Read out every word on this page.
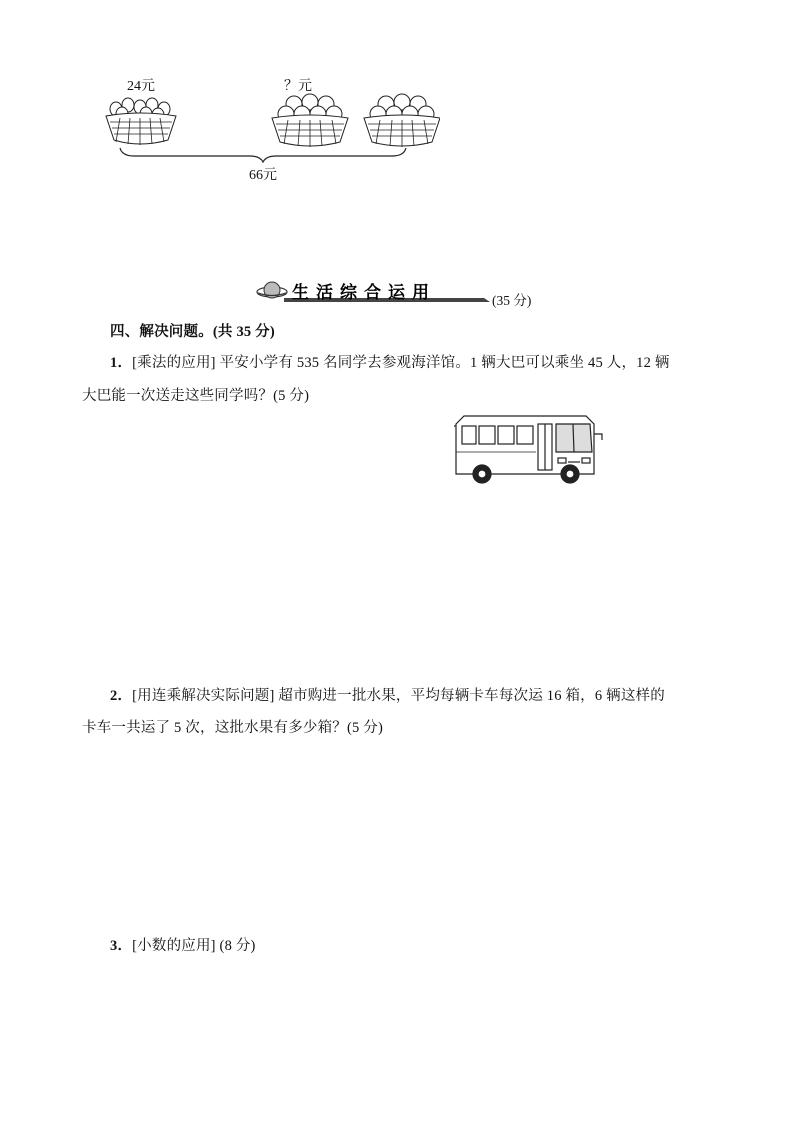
24元	？元
66元
生活综合运用	(35 分)
四、解决问题。(共 35 分)
1．[乘法的应用] 平安小学有 535 名同学去参观海洋馆。1 辆大巴可以乘坐 45 人，12 辆
大巴能一次送走这些同学吗？(5 分)
2．[用连乘解决实际问题] 超市购进一批水果，平均每辆卡车每次运 16 箱，6 辆这样的
卡车一共运了 5 次，这批水果有多少箱？(5 分)
3．[小数的应用] (8 分)
